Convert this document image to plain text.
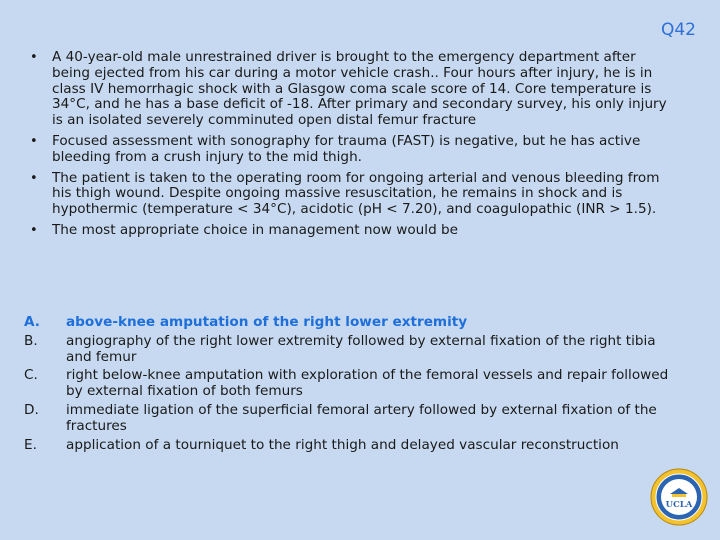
Q42
• A 40-year-old male unrestrained driver is brought to the emergency department after being ejected from his car during a motor vehicle crash.. Four hours after injury, he is in class IV hemorrhagic shock with a Glasgow coma scale score of 14. Core temperature is 34°C, and he has a base deficit of -18. After primary and secondary survey, his only injury is an isolated severely comminuted open distal femur fracture
• Focused assessment with sonography for trauma (FAST) is negative, but he has active bleeding from a crush injury to the mid thigh.
• The patient is taken to the operating room for ongoing arterial and venous bleeding from his thigh wound. Despite ongoing massive resuscitation, he remains in shock and is hypothermic (temperature < 34°C), acidotic (pH < 7.20), and coagulopathic (INR > 1.5).
• The most appropriate choice in management now would be
A. above-knee amputation of the right lower extremity
B. angiography of the right lower extremity followed by external fixation of the right tibia and femur
C. right below-knee amputation with exploration of the femoral vessels and repair followed by external fixation of both femurs
D. immediate ligation of the superficial femoral artery followed by external fixation of the fractures
E. application of a tourniquet to the right thigh and delayed vascular reconstruction
UCLA
